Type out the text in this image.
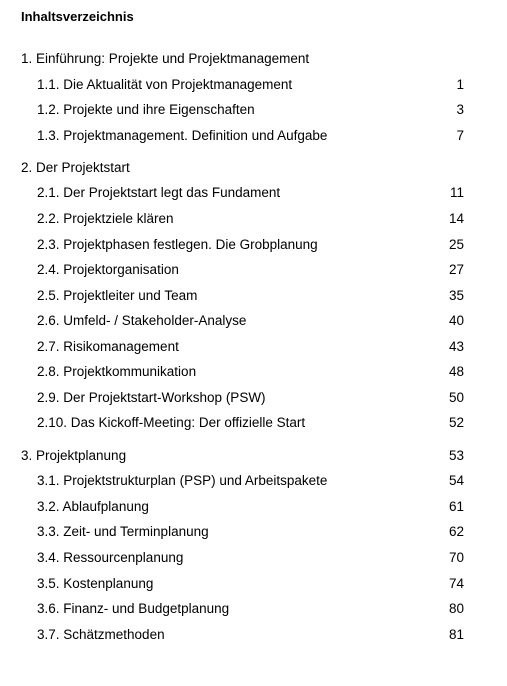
Inhaltsverzeichnis
1. Einführung: Projekte und Projektmanagement
1.1. Die Aktualität von Projektmanagement	1
1.2. Projekte und ihre Eigenschaften	3
1.3. Projektmanagement. Definition und Aufgabe	7
2. Der Projektstart
2.1. Der Projektstart legt das Fundament	11
2.2. Projektziele klären	14
2.3. Projektphasen festlegen. Die Grobplanung	25
2.4. Projektorganisation	27
2.5. Projektleiter und Team	35
2.6. Umfeld- / Stakeholder-Analyse	40
2.7. Risikomanagement	43
2.8. Projektkommunikation	48
2.9. Der Projektstart-Workshop (PSW)	50
2.10. Das Kickoff-Meeting: Der offizielle Start	52
3. Projektplanung	53
3.1. Projektstrukturplan (PSP) und Arbeitspakete	54
3.2. Ablaufplanung	61
3.3. Zeit- und Terminplanung	62
3.4. Ressourcenplanung	70
3.5. Kostenplanung	74
3.6. Finanz- und Budgetplanung	80
3.7. Schätzmethoden	81
